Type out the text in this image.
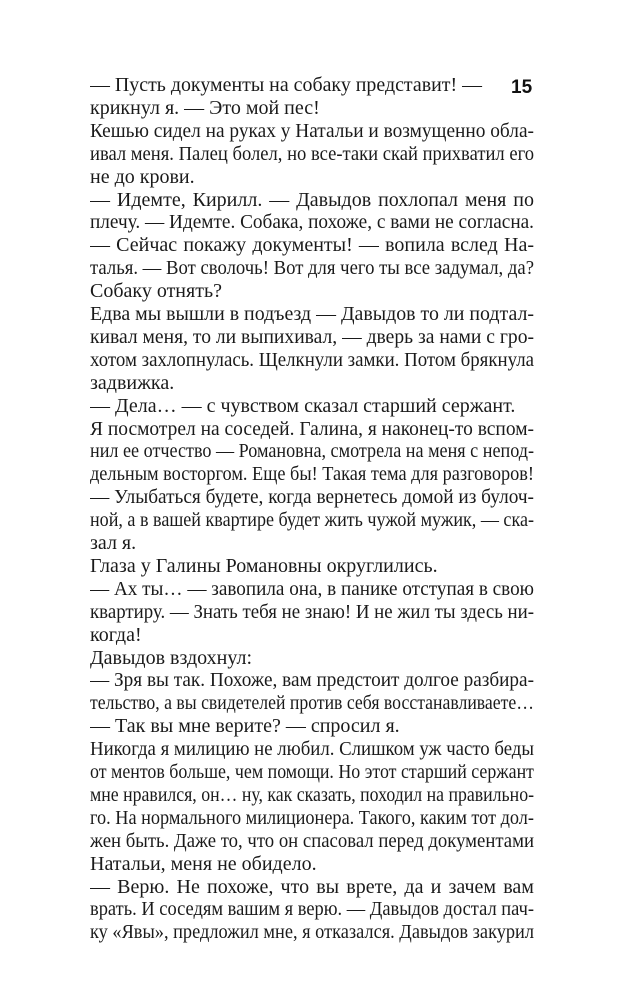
15
— Пусть документы на собаку представит! —
крикнул я. — Это мой пес!
Кешью сидел на руках у Натальи и возмущенно обла-
ивал меня. Палец болел, но все-таки скай прихватил его
не до крови.
— Идемте, Кирилл. — Давыдов похлопал меня по
плечу. — Идемте. Собака, похоже, с вами не согласна.
— Сейчас покажу документы! — вопила вслед На-
талья. — Вот сволочь! Вот для чего ты все задумал, да?
Собаку отнять?
Едва мы вышли в подъезд — Давыдов то ли подтал-
кивал меня, то ли выпихивал, — дверь за нами с гро-
хотом захлопнулась. Щелкнули замки. Потом брякнула
задвижка.
— Дела… — с чувством сказал старший сержант.
Я посмотрел на соседей. Галина, я наконец-то вспом-
нил ее отчество — Романовна, смотрела на меня с непод-
дельным восторгом. Еще бы! Такая тема для разговоров!
— Улыбаться будете, когда вернетесь домой из булоч-
ной, а в вашей квартире будет жить чужой мужик, — ска-
зал я.
Глаза у Галины Романовны округлились.
— Ах ты… — завопила она, в панике отступая в свою
квартиру. — Знать тебя не знаю! И не жил ты здесь ни-
когда!
Давыдов вздохнул:
— Зря вы так. Похоже, вам предстоит долгое разбира-
тельство, а вы свидетелей против себя восстанавливаете…
— Так вы мне верите? — спросил я.
Никогда я милицию не любил. Слишком уж часто беды
от ментов больше, чем помощи. Но этот старший сержант
мне нравился, он… ну, как сказать, походил на правильно-
го. На нормального милиционера. Такого, каким тот дол-
жен быть. Даже то, что он спасовал перед документами
Натальи, меня не обидело.
— Верю. Не похоже, что вы врете, да и зачем вам
врать. И соседям вашим я верю. — Давыдов достал пач-
ку «Явы», предложил мне, я отказался. Давыдов закурил
